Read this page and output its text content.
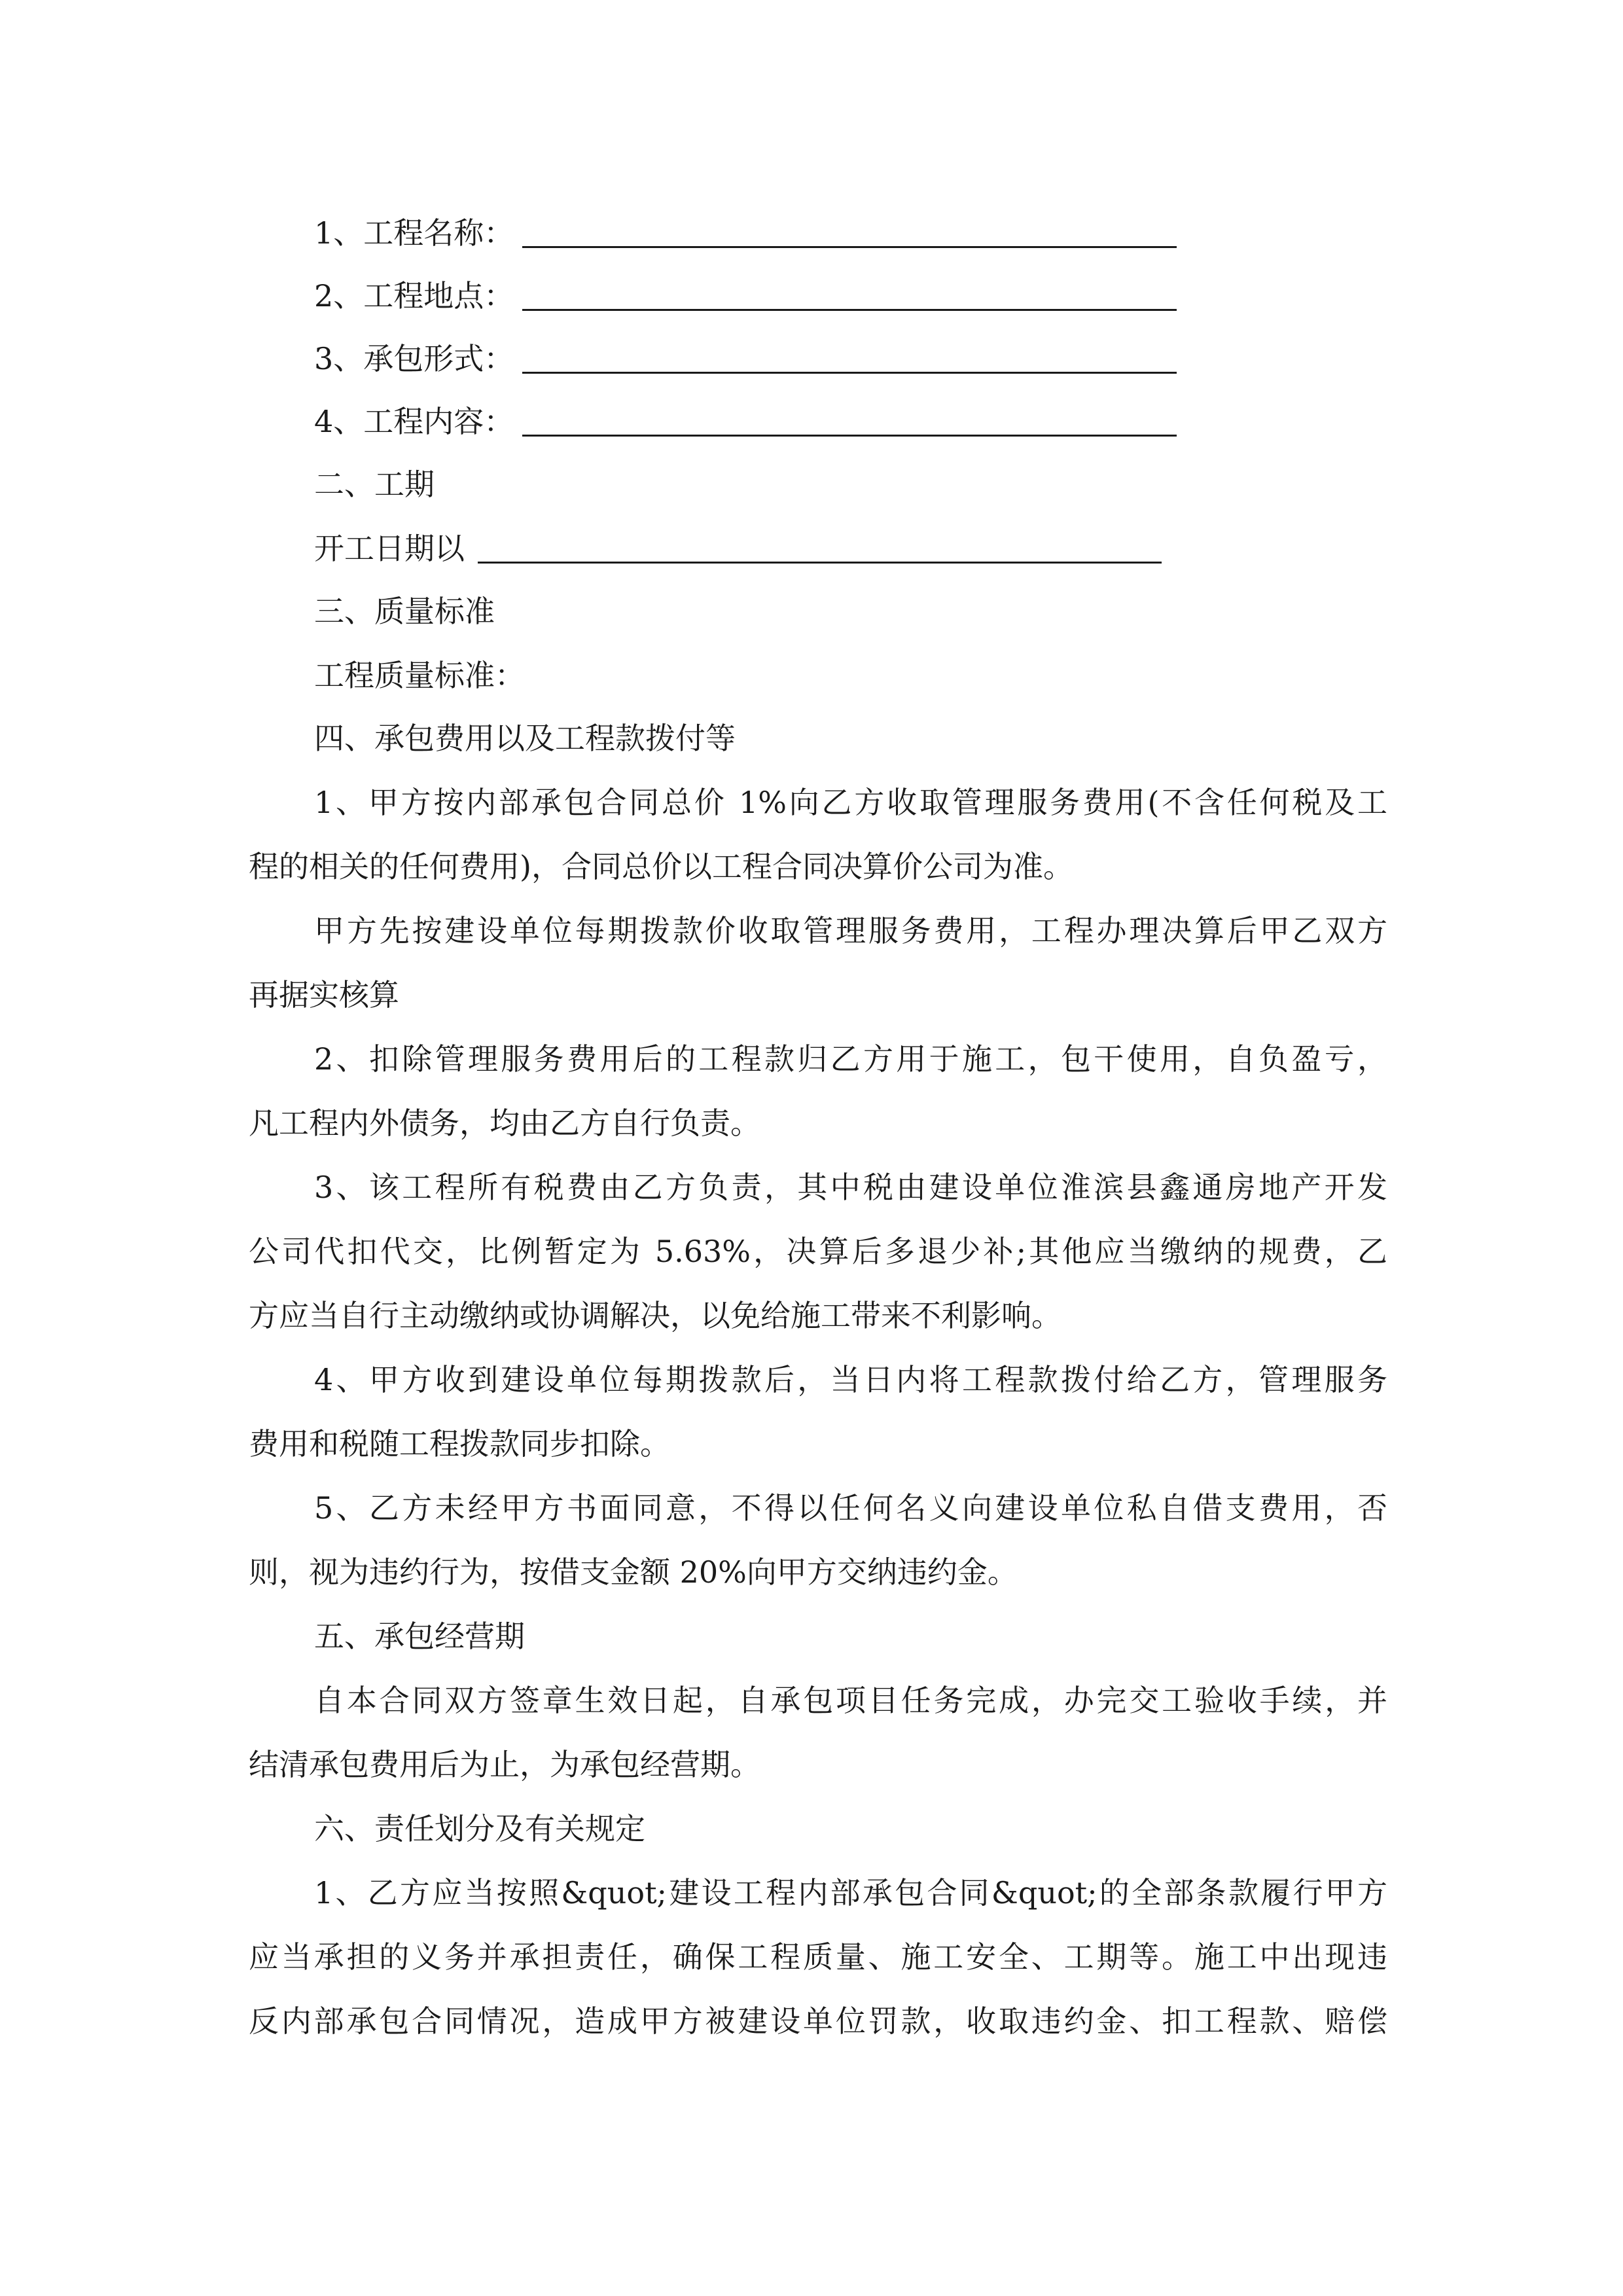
1、工程名称：
2、工程地点：
3、承包形式：
4、工程内容：
二、工期
开工日期以
三、质量标准
工程质量标准：
四、承包费用以及工程款拨付等
1、甲方按内部承包合同总价 1%向乙方收取管理服务费用(不含任何税及工
程的相关的任何费用)，合同总价以工程合同决算价公司为准。
甲方先按建设单位每期拨款价收取管理服务费用，工程办理决算后甲乙双方
再据实核算
2、扣除管理服务费用后的工程款归乙方用于施工，包干使用，自负盈亏，
凡工程内外债务，均由乙方自行负责。
3、该工程所有税费由乙方负责，其中税由建设单位淮滨县鑫通房地产开发
公司代扣代交，比例暂定为 5.63%，决算后多退少补;其他应当缴纳的规费，乙
方应当自行主动缴纳或协调解决，以免给施工带来不利影响。
4、甲方收到建设单位每期拨款后，当日内将工程款拨付给乙方，管理服务
费用和税随工程拨款同步扣除。
5、乙方未经甲方书面同意，不得以任何名义向建设单位私自借支费用，否
则，视为违约行为，按借支金额 20%向甲方交纳违约金。
五、承包经营期
自本合同双方签章生效日起，自承包项目任务完成，办完交工验收手续，并
结清承包费用后为止，为承包经营期。
六、责任划分及有关规定
1、乙方应当按照&quot;建设工程内部承包合同&quot;的全部条款履行甲方
应当承担的义务并承担责任，确保工程质量、施工安全、工期等。施工中出现违
反内部承包合同情况，造成甲方被建设单位罚款，收取违约金、扣工程款、赔偿
